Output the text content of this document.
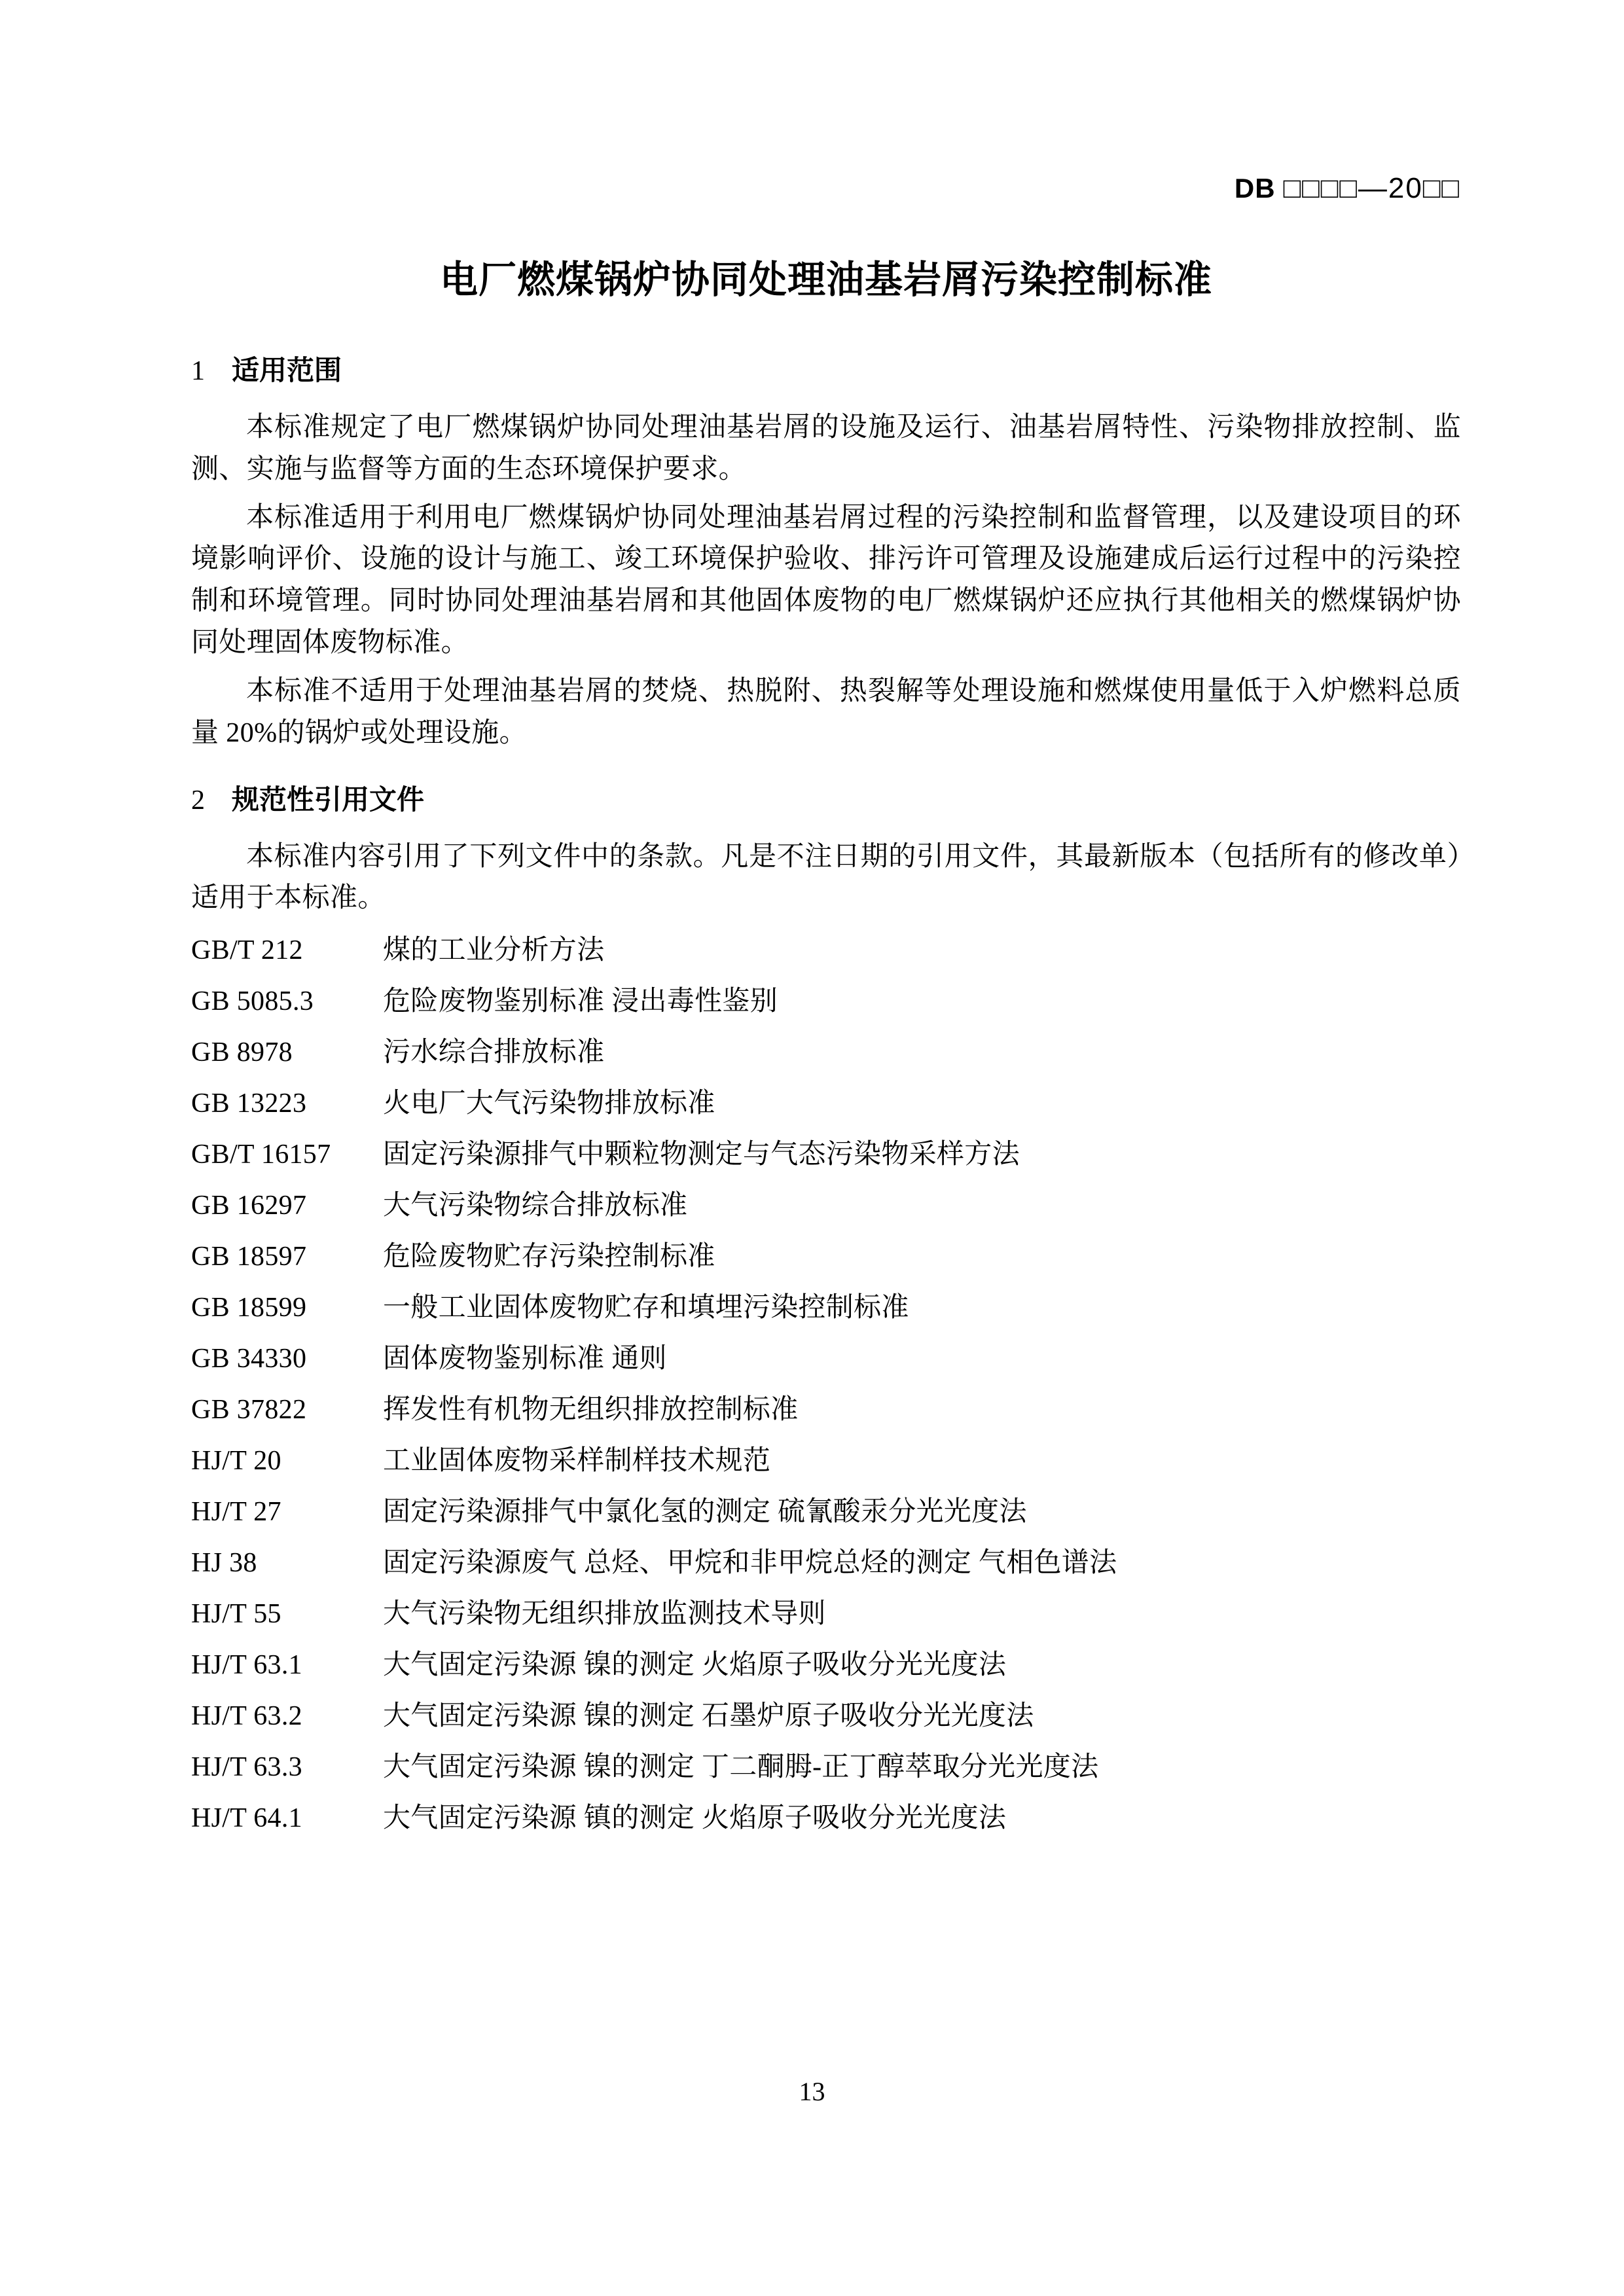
DB □□□□—20□□
电厂燃煤锅炉协同处理油基岩屑污染控制标准
1 适用范围

本标准规定了电厂燃煤锅炉协同处理油基岩屑的设施及运行、油基岩屑特性、污染物排放控制、监测、实施与监督等方面的生态环境保护要求。

本标准适用于利用电厂燃煤锅炉协同处理油基岩屑过程的污染控制和监督管理，以及建设项目的环境影响评价、设施的设计与施工、竣工环境保护验收、排污许可管理及设施建成后运行过程中的污染控制和环境管理。同时协同处理油基岩屑和其他固体废物的电厂燃煤锅炉还应执行其他相关的燃煤锅炉协同处理固体废物标准。

本标准不适用于处理油基岩屑的焚烧、热脱附、热裂解等处理设施和燃煤使用量低于入炉燃料总质量 20%的锅炉或处理设施。

2 规范性引用文件

本标准内容引用了下列文件中的条款。凡是不注日期的引用文件，其最新版本（包括所有的修改单）适用于本标准。

GB/T 212	煤的工业分析方法
GB 5085.3	危险废物鉴别标准 浸出毒性鉴别
GB 8978	污水综合排放标准
GB 13223	火电厂大气污染物排放标准
GB/T 16157	固定污染源排气中颗粒物测定与气态污染物采样方法
GB 16297	大气污染物综合排放标准
GB 18597	危险废物贮存污染控制标准
GB 18599	一般工业固体废物贮存和填埋污染控制标准
GB 34330	固体废物鉴别标准 通则
GB 37822	挥发性有机物无组织排放控制标准
HJ/T 20	工业固体废物采样制样技术规范
HJ/T 27	固定污染源排气中氯化氢的测定 硫氰酸汞分光光度法
HJ 38	固定污染源废气 总烃、甲烷和非甲烷总烃的测定 气相色谱法
HJ/T 55	大气污染物无组织排放监测技术导则
HJ/T 63.1	大气固定污染源 镍的测定 火焰原子吸收分光光度法
HJ/T 63.2	大气固定污染源 镍的测定 石墨炉原子吸收分光光度法
HJ/T 63.3	大气固定污染源 镍的测定 丁二酮胟-正丁醇萃取分光光度法
HJ/T 64.1	大气固定污染源 镇的测定 火焰原子吸收分光光度法
13
